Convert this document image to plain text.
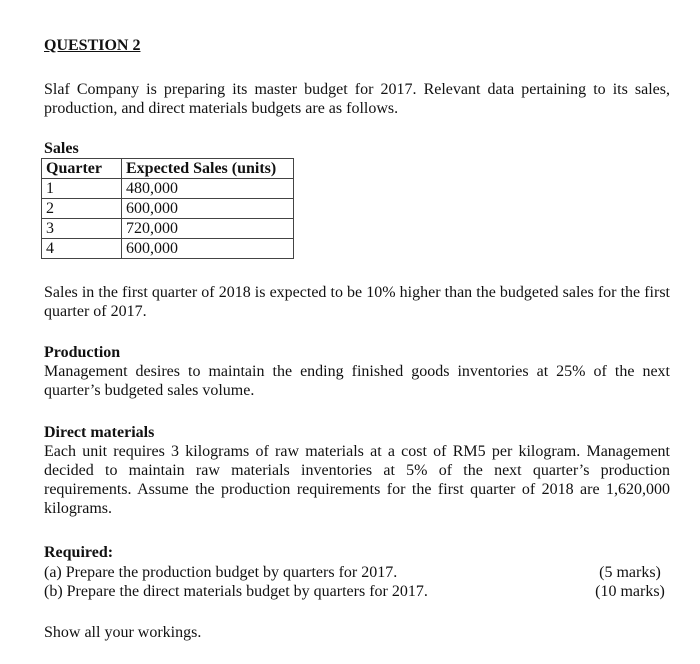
QUESTION 2
Slaf Company is preparing its master budget for 2017. Relevant data pertaining to its sales, production, and direct materials budgets are as follows.
Sales
Quarter	Expected Sales (units)
1	480,000
2	600,000
3	720,000
4	600,000
Sales in the first quarter of 2018 is expected to be 10% higher than the budgeted sales for the first quarter of 2017.
Production
Management desires to maintain the ending finished goods inventories at 25% of the next quarter’s budgeted sales volume.
Direct materials
Each unit requires 3 kilograms of raw materials at a cost of RM5 per kilogram. Management decided to maintain raw materials inventories at 5% of the next quarter’s production requirements. Assume the production requirements for the first quarter of 2018 are 1,620,000 kilograms.
Required:
(a) Prepare the production budget by quarters for 2017.	(5 marks)
(b) Prepare the direct materials budget by quarters for 2017.	(10 marks)
Show all your workings.
